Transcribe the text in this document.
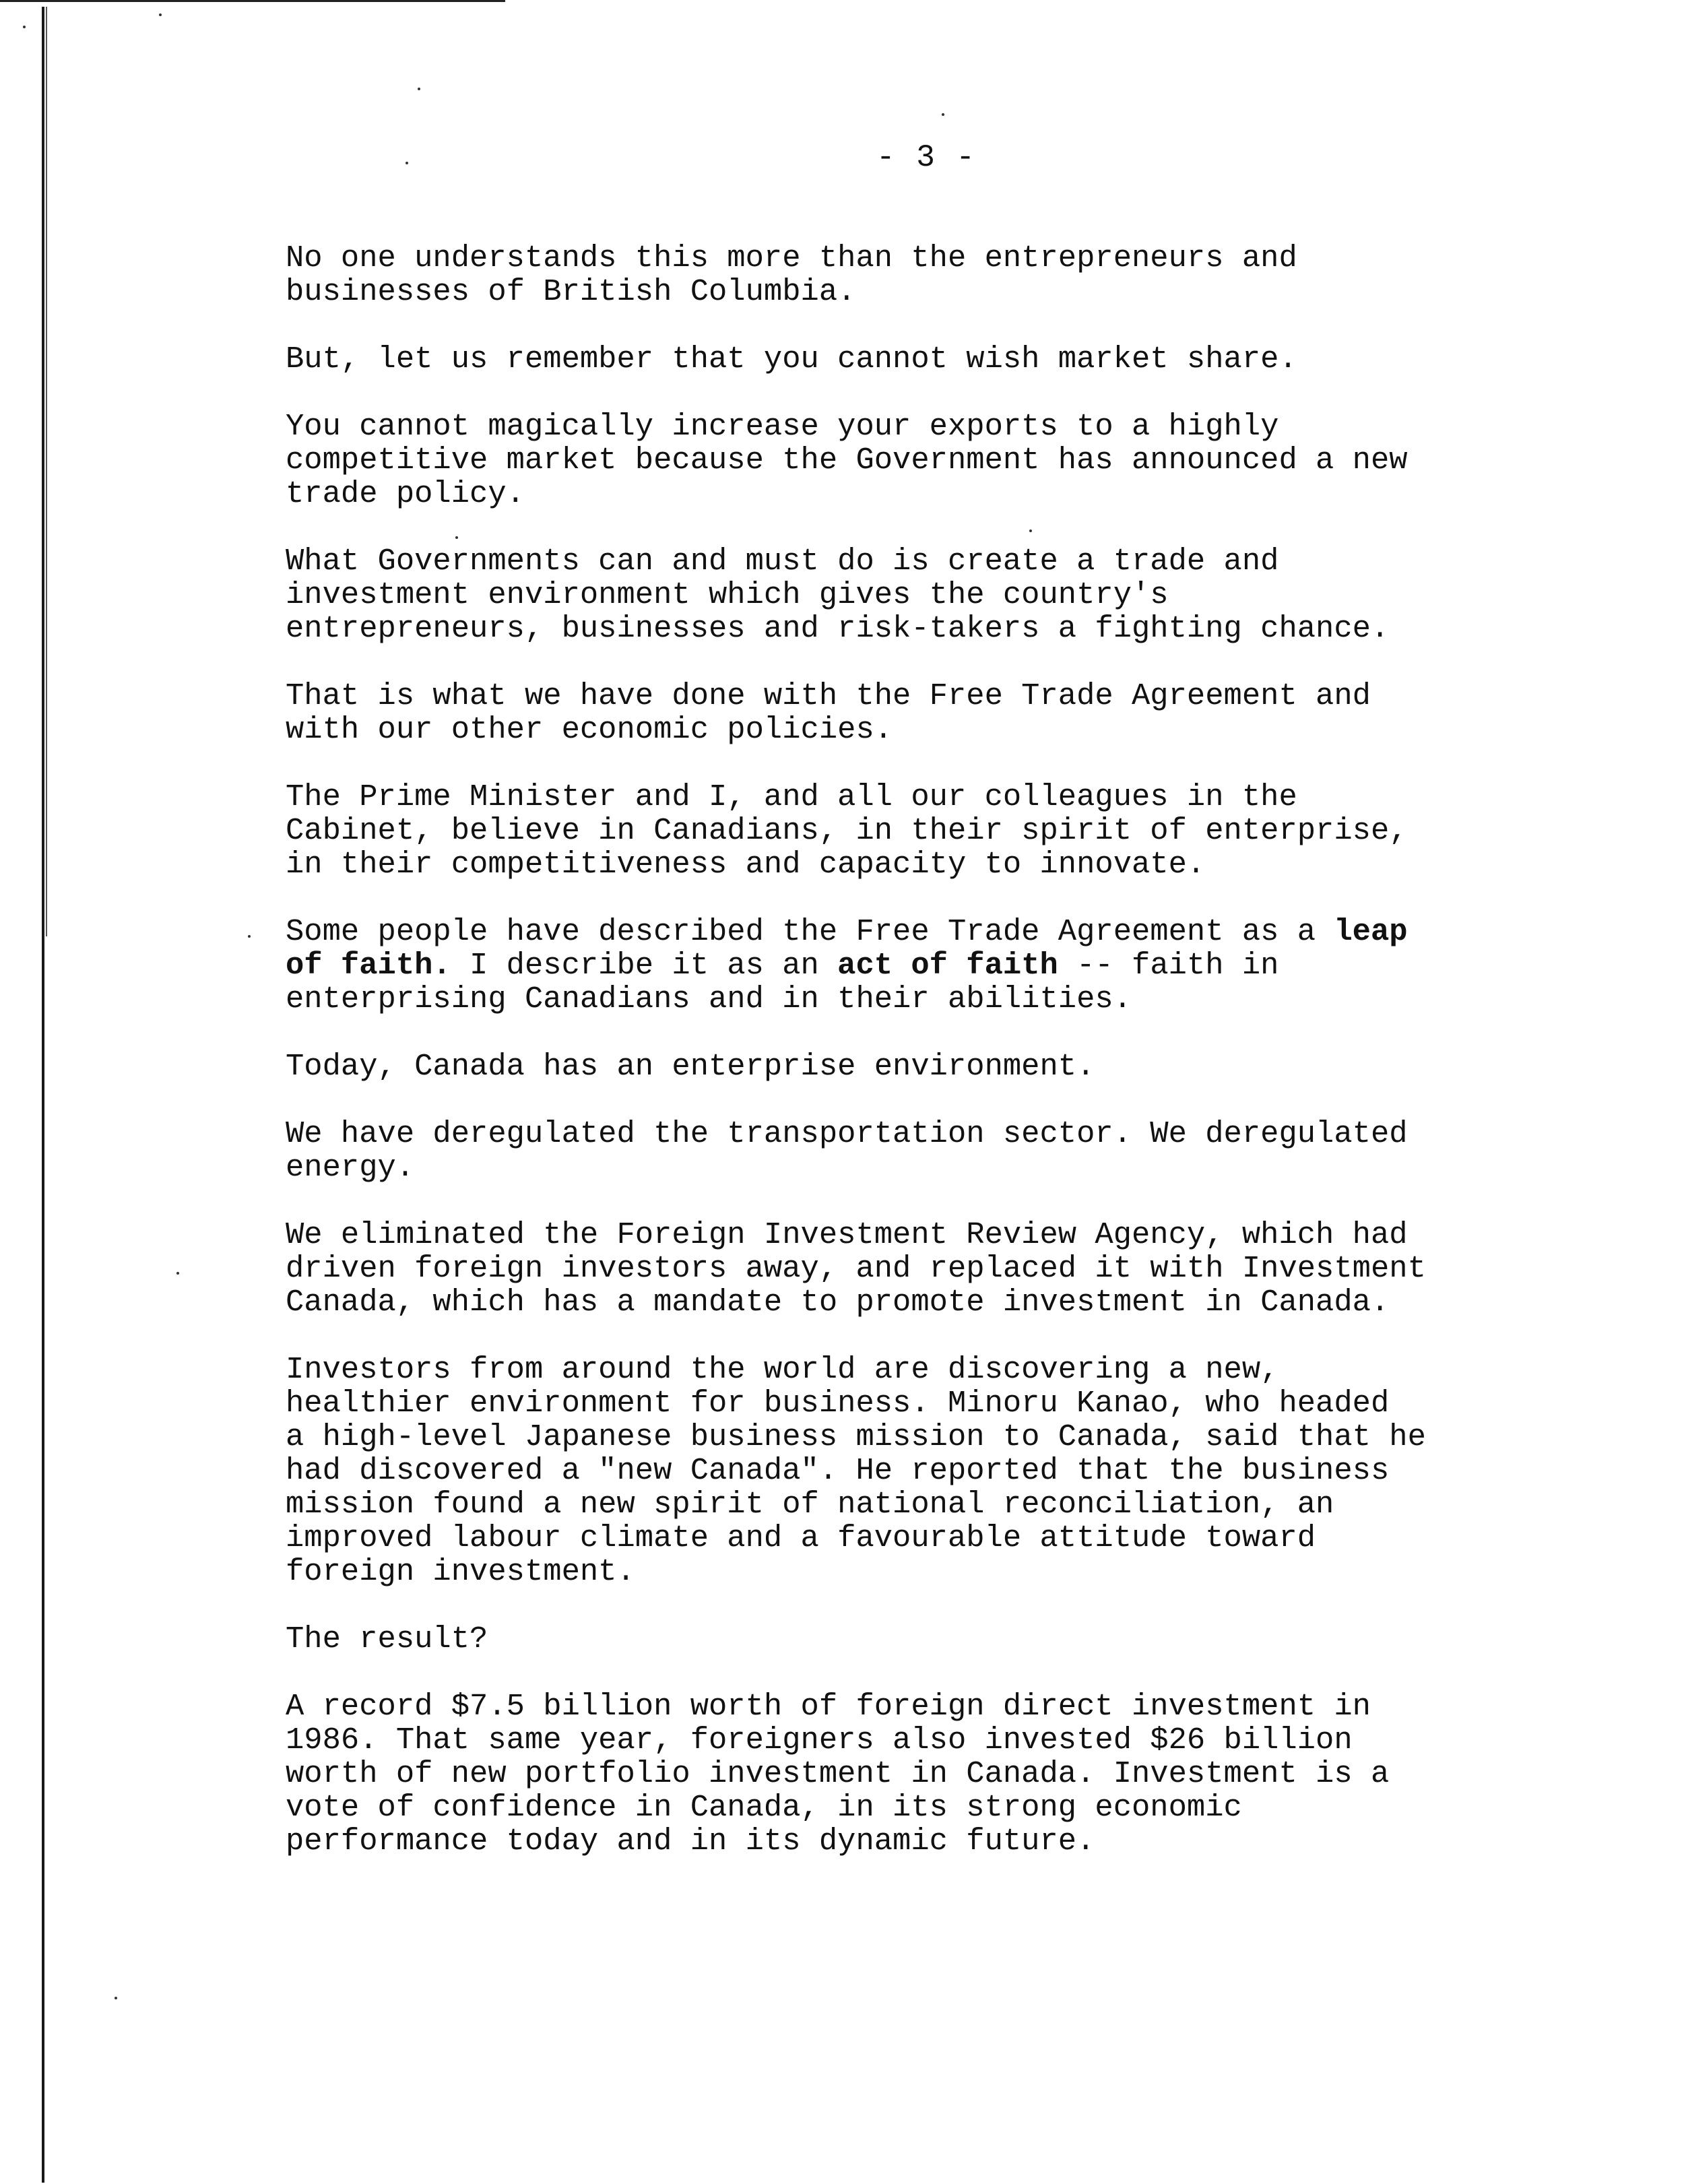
- 3 -

No one understands this more than the entrepreneurs and
businesses of British Columbia.

But, let us remember that you cannot wish market share.

You cannot magically increase your exports to a highly
competitive market because the Government has announced a new
trade policy.

What Governments can and must do is create a trade and
investment environment which gives the country's
entrepreneurs, businesses and risk-takers a fighting chance.

That is what we have done with the Free Trade Agreement and
with our other economic policies.

The Prime Minister and I, and all our colleagues in the
Cabinet, believe in Canadians, in their spirit of enterprise,
in their competitiveness and capacity to innovate.

Some people have described the Free Trade Agreement as a leap
of faith. I describe it as an act of faith -- faith in
enterprising Canadians and in their abilities.

Today, Canada has an enterprise environment.

We have deregulated the transportation sector. We deregulated
energy.

We eliminated the Foreign Investment Review Agency, which had
driven foreign investors away, and replaced it with Investment
Canada, which has a mandate to promote investment in Canada.

Investors from around the world are discovering a new,
healthier environment for business. Minoru Kanao, who headed
a high-level Japanese business mission to Canada, said that he
had discovered a "new Canada". He reported that the business
mission found a new spirit of national reconciliation, an
improved labour climate and a favourable attitude toward
foreign investment.

The result?

A record $7.5 billion worth of foreign direct investment in
1986. That same year, foreigners also invested $26 billion
worth of new portfolio investment in Canada. Investment is a
vote of confidence in Canada, in its strong economic
performance today and in its dynamic future.
